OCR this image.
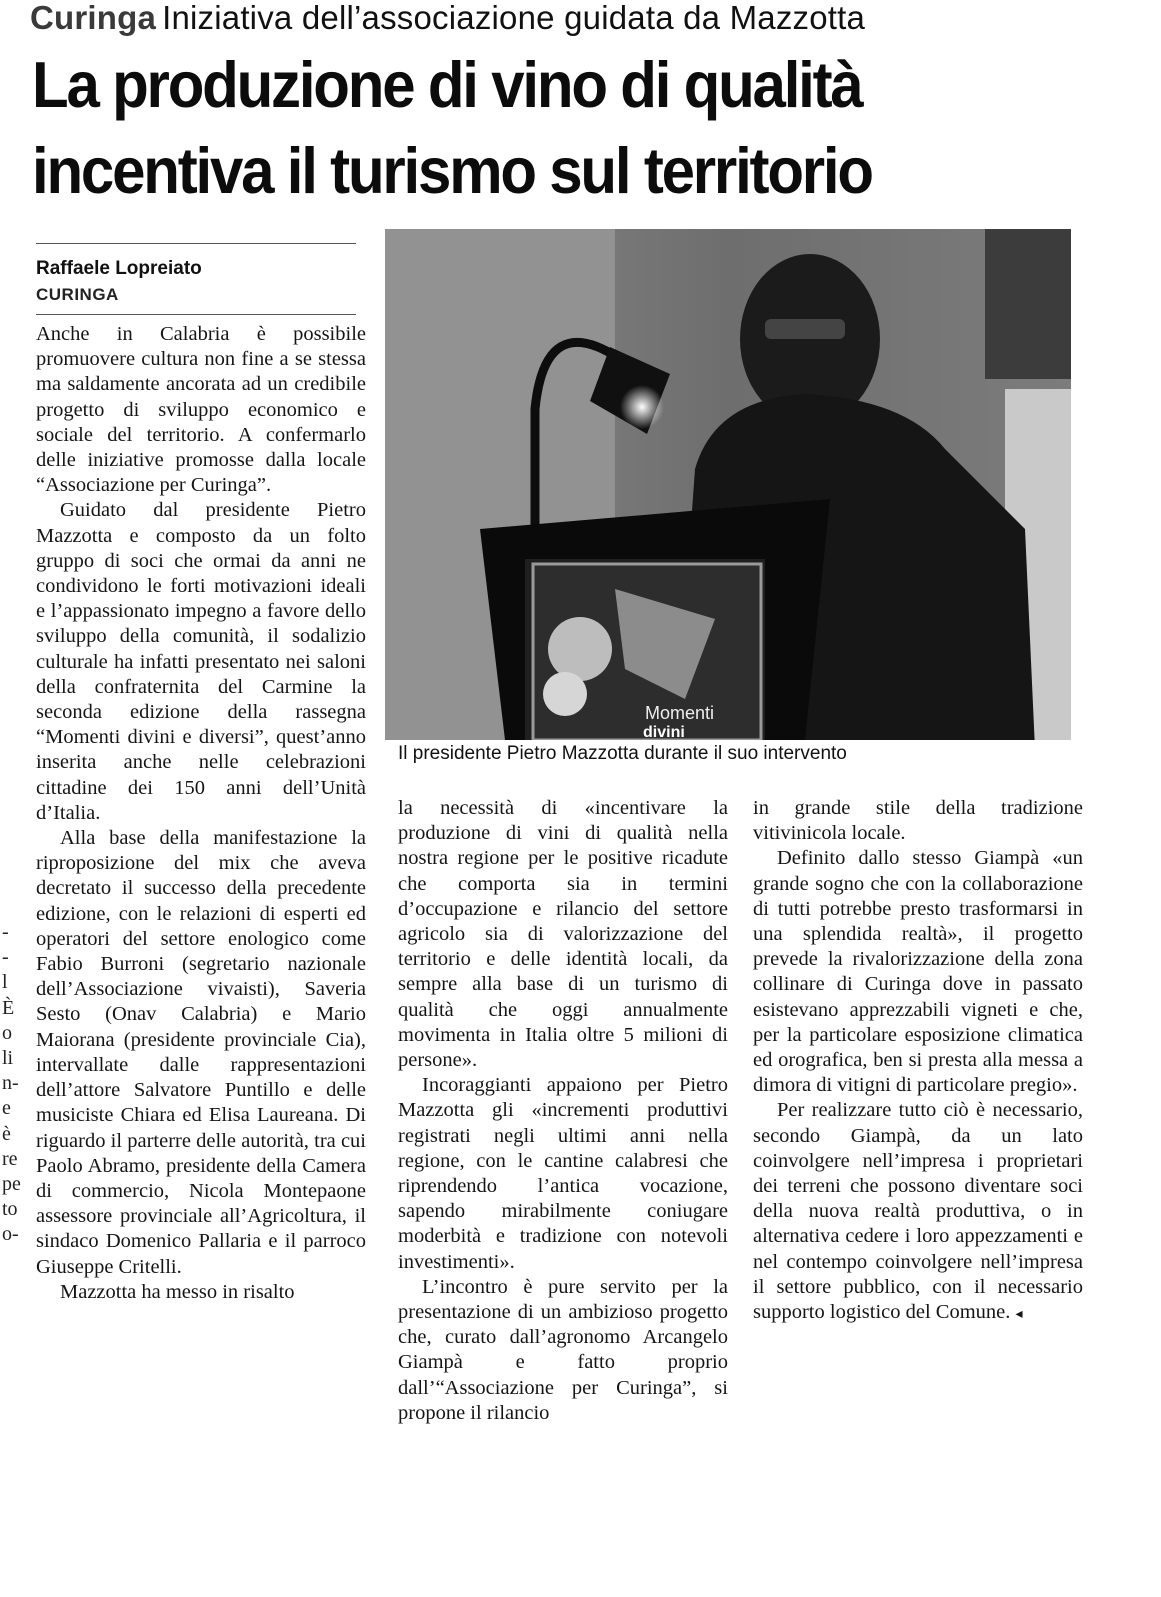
Curinga Iniziativa dell’associazione guidata da Mazzotta
La produzione di vino di qualità
incentiva il turismo sul territorio
Raffaele Lopreiato
CURINGA

Anche in Calabria è possibile promuovere cultura non fine a se stessa ma saldamente ancorata ad un credibile progetto di sviluppo economico e sociale del territorio. A confermarlo delle iniziative promosse dalla locale “Associazione per Curinga”.

Guidato dal presidente Pietro Mazzotta e composto da un folto gruppo di soci che ormai da anni ne condividono le forti motivazioni ideali e l’appassionato impegno a favore dello sviluppo della comunità, il sodalizio culturale ha infatti presentato nei saloni della confraternita del Carmine la seconda edizione della rassegna “Momenti divini e diversi”, quest’anno inserita anche nelle celebrazioni cittadine dei 150 anni dell’Unità d’Italia.

Alla base della manifestazione la riproposizione del mix che aveva decretato il successo della precedente edizione, con le relazioni di esperti ed operatori del settore enologico come Fabio Burroni (segretario nazionale dell’Associazione vivaisti), Saveria Sesto (Onav Calabria) e Mario Maiorana (presidente provinciale Cia), intervallate dalle rappresentazioni dell’attore Salvatore Puntillo e delle musiciste Chiara ed Elisa Laureana. Di riguardo il parterre delle autorità, tra cui Paolo Abramo, presidente della Camera di commercio, Nicola Montepaone assessore provinciale all’Agricoltura, il sindaco Domenico Pallaria e il parroco Giuseppe Critelli.

Mazzotta ha messo in risalto

Momenti
divini
Il presidente Pietro Mazzotta durante il suo intervento

la necessità di «incentivare la produzione di vini di qualità nella nostra regione per le positive ricadute che comporta sia in termini d’occupazione e rilancio del settore agricolo sia di valorizzazione del territorio e delle identità locali, da sempre alla base di un turismo di qualità che oggi annualmente movimenta in Italia oltre 5 milioni di persone».

Incoraggianti appaiono per Pietro Mazzotta gli «incrementi produttivi registrati negli ultimi anni nella regione, con le cantine calabresi che riprendendo l’antica vocazione, sapendo mirabilmente coniugare moderbità e tradizione con notevoli investimenti».

L’incontro è pure servito per la presentazione di un ambizioso progetto che, curato dall’agronomo Arcangelo Giampà e fatto proprio dall’“Associazione per Curinga”, si propone il rilancio

in grande stile della tradizione vitivinicola locale.

Definito dallo stesso Giampà «un grande sogno che con la collaborazione di tutti potrebbe presto trasformarsi in una splendida realtà», il progetto prevede la rivalorizzazione della zona collinare di Curinga dove in passato esistevano apprezzabili vigneti e che, per la particolare esposizione climatica ed orografica, ben si presta alla messa a dimora di vitigni di particolare pregio».

Per realizzare tutto ciò è necessario, secondo Giampà, da un lato coinvolgere nell’impresa i proprietari dei terreni che possono diventare soci della nuova realtà produttiva, o in alternativa cedere i loro appezzamenti e nel contempo coinvolgere nell’impresa il settore pubblico, con il necessario supporto logistico del Comune. ◂

-
-
l
È
o
li
n-
e
è
re
pe
to
o-
